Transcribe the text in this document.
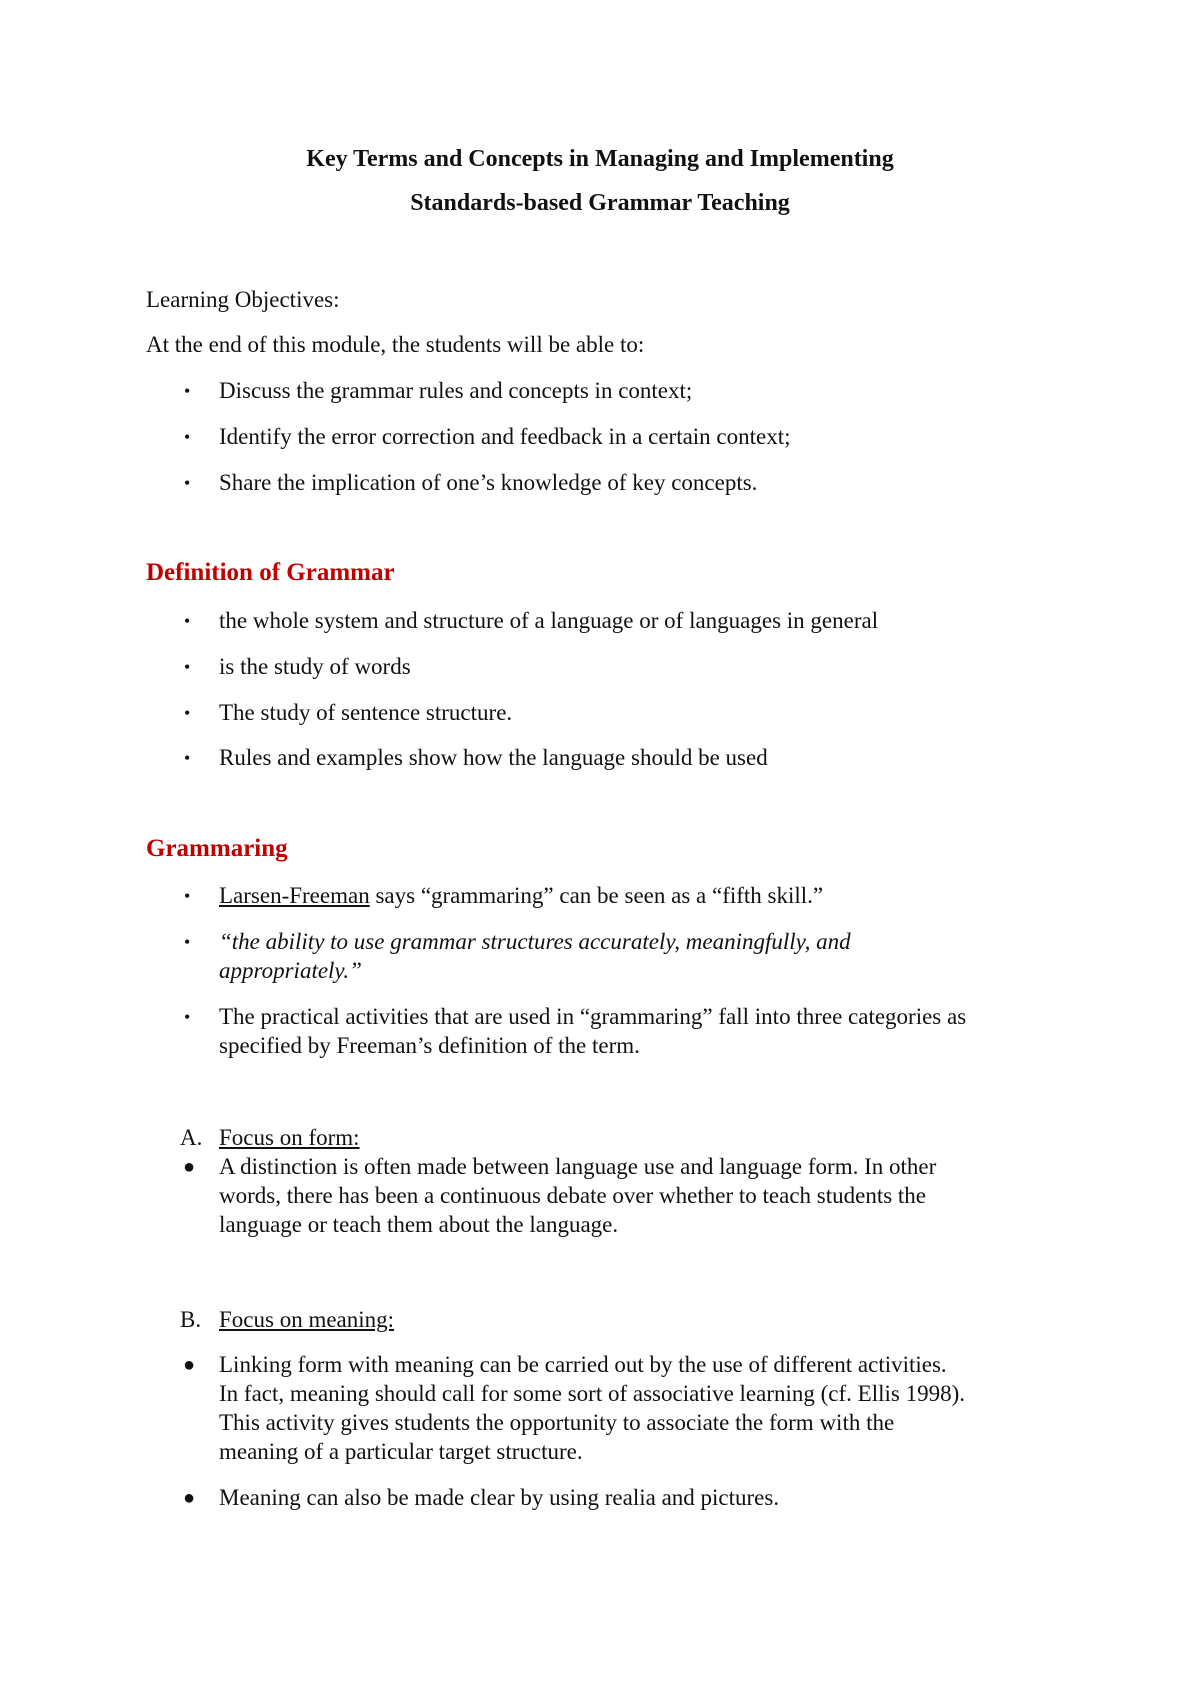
Key Terms and Concepts in Managing and Implementing
Standards-based Grammar Teaching
Learning Objectives:
At the end of this module, the students will be able to:
• Discuss the grammar rules and concepts in context;
• Identify the error correction and feedback in a certain context;
• Share the implication of one’s knowledge of key concepts.
Definition of Grammar
• the whole system and structure of a language or of languages in general
• is the study of words
• The study of sentence structure.
• Rules and examples show how the language should be used
Grammaring
• Larsen-Freeman says “grammaring” can be seen as a “fifth skill.”
• “the ability to use grammar structures accurately, meaningfully, and
appropriately.”
• The practical activities that are used in “grammaring” fall into three categories as
specified by Freeman’s definition of the term.
A. Focus on form:
● A distinction is often made between language use and language form. In other
words, there has been a continuous debate over whether to teach students the
language or teach them about the language.
B. Focus on meaning:
● Linking form with meaning can be carried out by the use of different activities.
In fact, meaning should call for some sort of associative learning (cf. Ellis 1998).
This activity gives students the opportunity to associate the form with the
meaning of a particular target structure.
● Meaning can also be made clear by using realia and pictures.
